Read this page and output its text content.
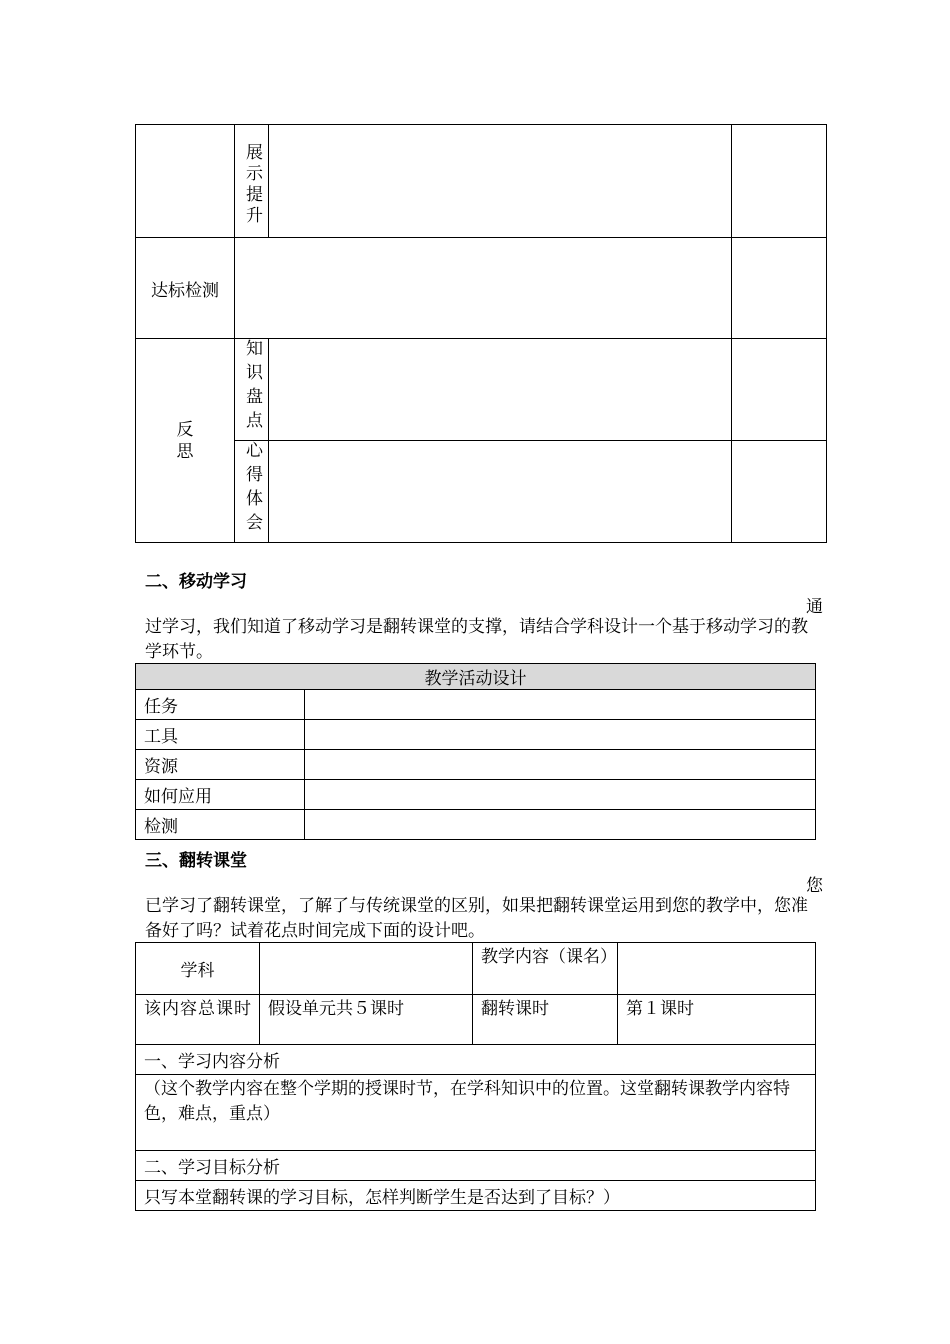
	展示提升		
达标检测			
反思	知识盘点		
	心得体会		
二、移动学习
通
过学习，我们知道了移动学习是翻转课堂的支撑，请结合学科设计一个基于移动学习的教学环节。
教学活动设计	
任务	
工具	
资源	
如何应用	
检测	
三、翻转课堂
您
已学习了翻转课堂，了解了与传统课堂的区别，如果把翻转课堂运用到您的教学中，您准备好了吗？试着花点时间完成下面的设计吧。
学科		教学内容（课名）	

该内容总课时	假设单元共５课时	翻转课时	第１课时
一、学习内容分析			
（这个教学内容在整个学期的授课时节，在学科知识中的位置。这堂翻转课教学内容特色，难点，重点）			
二、学习目标分析			
只写本堂翻转课的学习目标，怎样判断学生是否达到了目标？）			
